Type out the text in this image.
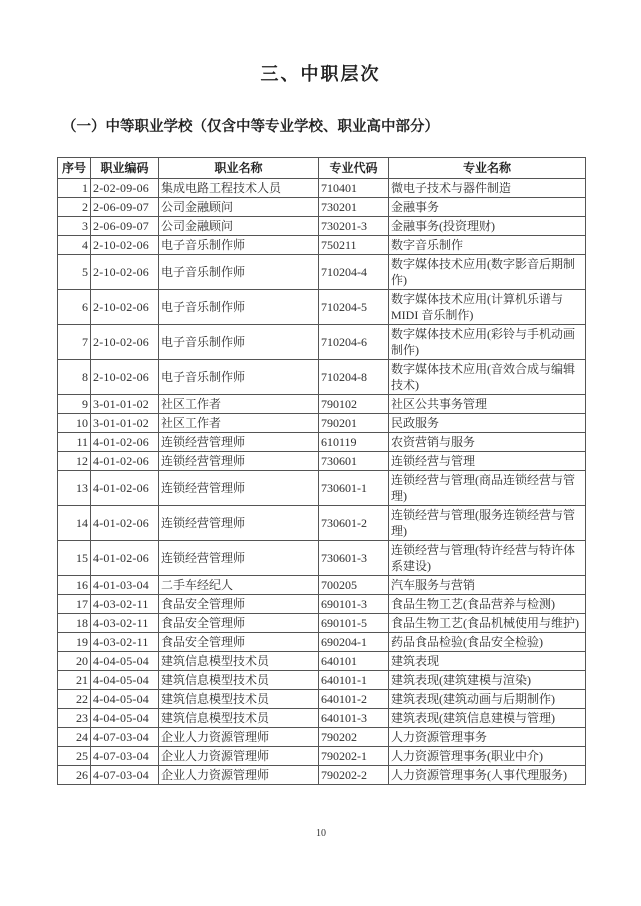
三、中职层次
（一）中等职业学校（仅含中等专业学校、职业高中部分）
序号	职业编码	职业名称	专业代码	专业名称
1	2-02-09-06	集成电路工程技术人员	710401	微电子技术与器件制造
2	2-06-09-07	公司金融顾问	730201	金融事务
3	2-06-09-07	公司金融顾问	730201-3	金融事务(投资理财)
4	2-10-02-06	电子音乐制作师	750211	数字音乐制作
5	2-10-02-06	电子音乐制作师	710204-4	数字媒体技术应用(数字影音后期制作)
6	2-10-02-06	电子音乐制作师	710204-5	数字媒体技术应用(计算机乐谱与MIDI 音乐制作)
7	2-10-02-06	电子音乐制作师	710204-6	数字媒体技术应用(彩铃与手机动画制作)
8	2-10-02-06	电子音乐制作师	710204-8	数字媒体技术应用(音效合成与编辑技术)
9	3-01-01-02	社区工作者	790102	社区公共事务管理
10	3-01-01-02	社区工作者	790201	民政服务
11	4-01-02-06	连锁经营管理师	610119	农资营销与服务
12	4-01-02-06	连锁经营管理师	730601	连锁经营与管理
13	4-01-02-06	连锁经营管理师	730601-1	连锁经营与管理(商品连锁经营与管理)
14	4-01-02-06	连锁经营管理师	730601-2	连锁经营与管理(服务连锁经营与管理)
15	4-01-02-06	连锁经营管理师	730601-3	连锁经营与管理(特许经营与特许体系建设)
16	4-01-03-04	二手车经纪人	700205	汽车服务与营销
17	4-03-02-11	食品安全管理师	690101-3	食品生物工艺(食品营养与检测)
18	4-03-02-11	食品安全管理师	690101-5	食品生物工艺(食品机械使用与维护)
19	4-03-02-11	食品安全管理师	690204-1	药品食品检验(食品安全检验)
20	4-04-05-04	建筑信息模型技术员	640101	建筑表现
21	4-04-05-04	建筑信息模型技术员	640101-1	建筑表现(建筑建模与渲染)
22	4-04-05-04	建筑信息模型技术员	640101-2	建筑表现(建筑动画与后期制作)
23	4-04-05-04	建筑信息模型技术员	640101-3	建筑表现(建筑信息建模与管理)
24	4-07-03-04	企业人力资源管理师	790202	人力资源管理事务
25	4-07-03-04	企业人力资源管理师	790202-1	人力资源管理事务(职业中介)
26	4-07-03-04	企业人力资源管理师	790202-2	人力资源管理事务(人事代理服务)
10
